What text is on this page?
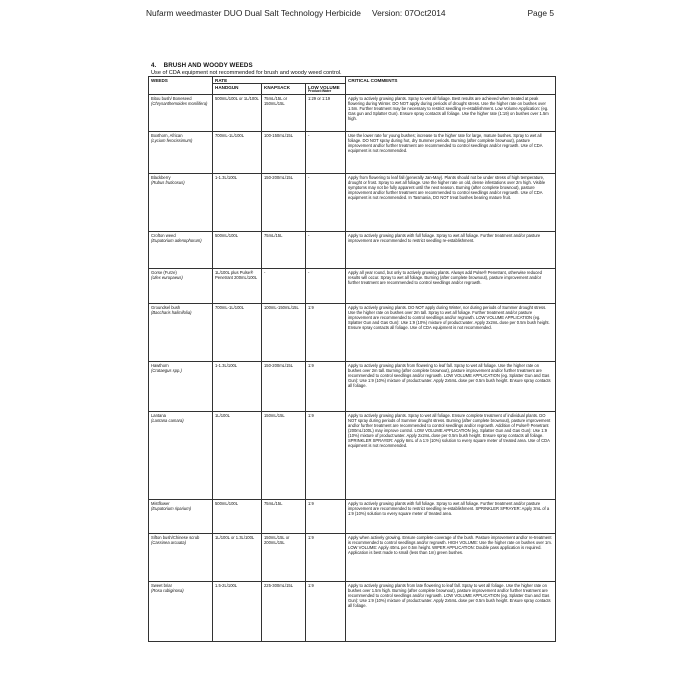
Nufarm weedmaster DUO Dual Salt Technology Herbicide Version: 07Oct2014	Page 5
4.    BRUSH AND WOODY WEEDS
Use of CDA equipment not recommended for brush and woody weed control.
WEEDS	RATE			CRITICAL COMMENTS
	HANDGUN	KNAPSACK	LOW VOLUME
Product:Water	

Bitou bush/ Boneseed
(Chrysanthemoides monilifera)	500mL/100L or 1L/100L	75mL/15L or 150mL/15L	1:29 or 1:19	Apply to actively growing plants. Spray to wet all foliage. Best results are achieved when treated at peak flowering during Winter. DO NOT apply during periods of drought stress. Use the higher rate on bushes over 1.5m. Further treatment may be necessary to restrict seedling re-establishment. Low Volume Application: (eg. Gas gun and Splatter Gun). Ensure spray contacts all foliage. Use the higher rate (1:19) on bushes over 1.5m high.
Boxthorn, African
(Lycium ferocissimum)	700mL-1L/100L	100-150mL/15L	-	Use the lower rate for young bushes; increase to the higher rate for large, mature bushes. Spray to wet all foliage. DO NOT spray during hot, dry Summer periods. Burning (after complete brownout), pasture improvement and/or further treatment are recommended to control seedlings and/or regrowth. Use of CDA equipment is not recommended.
Blackberry
(Rubus fruticosus)	1-1.3L/100L	150-200mL/15L	-	Apply from flowering to leaf fall (generally Jan-May). Plants should not be under stress of high temperature, drought or frost. Spray to wet all foliage. Use the higher rate on old, dense infestations over 2m high. Visible symptoms may not be fully apparent until the next season. Burning (after complete brownout), pasture improvement and/or further treatment are recommended to control seedlings and/or regrowth. Use of CDA equipment is not recommended. In Tasmania, DO NOT treat bushes bearing mature fruit.
Crofton weed
(Eupatorium adenophorum)	500mL/100L	75mL/15L	-	Apply to actively growing plants with full foliage. Spray to wet all foliage. Further treatment and/or pasture improvement are recommended to restrict seedling re-establishment.
Gorse (Furze)
(Ulex europaeus)	1L/100L plus Pulse® Penetrant 200mL/100L	-	-	Apply all year round, but only to actively growing plants. Always add Pulse® Penetrant, otherwise reduced results will occur. Spray to wet all foliage. Burning (after complete brownout), pasture improvement and/or further treatment are recommended to control seedlings and/or regrowth.
Groundsel bush
(Baccharis halimifolia)	700mL-1L/100L	100mL-150mL/15L	1:9	Apply to actively growing plants. DO NOT apply during Winter, nor during periods of Summer drought stress. Use the higher rate on bushes over 2m tall. Spray to wet all foliage. Further treatment and/or pasture improvement are recommended to control seedlings and/or regrowth. LOW VOLUME APPLICATION (eg. Splatter Gun and Gas Gun): Use 1:9 (10%) mixture of product:water. Apply 2x2mL dose per 0.5m bush height. Ensure spray contacts all foliage. Use of CDA equipment is not recommended.
Hawthorn
(Crataegus spp.)	1-1.3L/100L	150-200mL/15L	1:9	Apply to actively growing plants from flowering to leaf fall. Spray to wet all foliage. Use the higher rate on bushes over 2m tall. Burning (after complete brownout), pasture improvement and/or further treatment are recommended to control seedlings and/or regrowth. LOW VOLUME APPLICATION (eg. Splatter Gun and Gas Gun): Use 1:9 (10%) mixture of product:water. Apply 2x5mL dose per 0.5m bush height. Ensure spray contacts all foliage.
Lantana
(Lantana camara)	1L/100L	150mL/15L	1:9	Apply to actively growing plants. Spray to wet all foliage. Ensure complete treatment of individual plants. DO NOT spray during periods of Summer drought stress. Burning (after complete brownout), pasture improvement and/or further treatment are recommended to control seedlings and/or regrowth. Addition of Pulse® Penetrant (200mL/100L) may improve control. LOW VOLUME APPLICATION (eg. Splatter Gun and Gas Gun): Use 1:9 (10%) mixture of product:water. Apply 2x2mL dose per 0.5m bush height. Ensure spray contacts all foliage. SPRINKLER SPRAYER: Apply 6mL of a 1:9 (10%) solution to every square meter of treated area. Use of CDA equipment is not recommended.
Mistflower
(Eupatorium riparium)	500mL/100L	75mL/15L	1:9	Apply to actively growing plants with full foliage. Spray to wet all foliage. Further treatment and/or pasture improvement are recommended to restrict seedling re-establishment. SPRINKLER SPRAYER: Apply 3mL of a 1:9 (10%) solution to every square meter of treated area.
Sifton bush/Chinese scrub
(Cassinea arcuata)	1L/100L or 1.3L/100L	150mL/15L or 200mL/15L	1:9	Apply when actively growing. Ensure complete coverage of the bush. Pasture improvement and/or re-treatment is recommended to control seedlings and/or regrowth. HIGH VOLUME: Use the higher rate on bushes over 1m. LOW VOLUME: Apply 40mL per 0.5m height. WIPER APPLICATION: Double pass application is required. Application is best made to small (less than 1m) green bushes.
Sweet briar
(Rosa rubiginosa)	1.5-2L/100L	225-300mL/15L	1:9	Apply to actively growing plants from late flowering to leaf fall. Spray to wet all foliage. Use the higher rate on bushes over 1.5m high. Burning (after complete brownout), pasture improvement and/or further treatment are recommended to control seedlings and/or regrowth. LOW VOLUME APPLICATION (eg. Splatter Gun and Gas Gun): Use 1:9 (10%) mixture of product:water. Apply 2x5mL dose per 0.5m bush height. Ensure spray contacts all foliage.
